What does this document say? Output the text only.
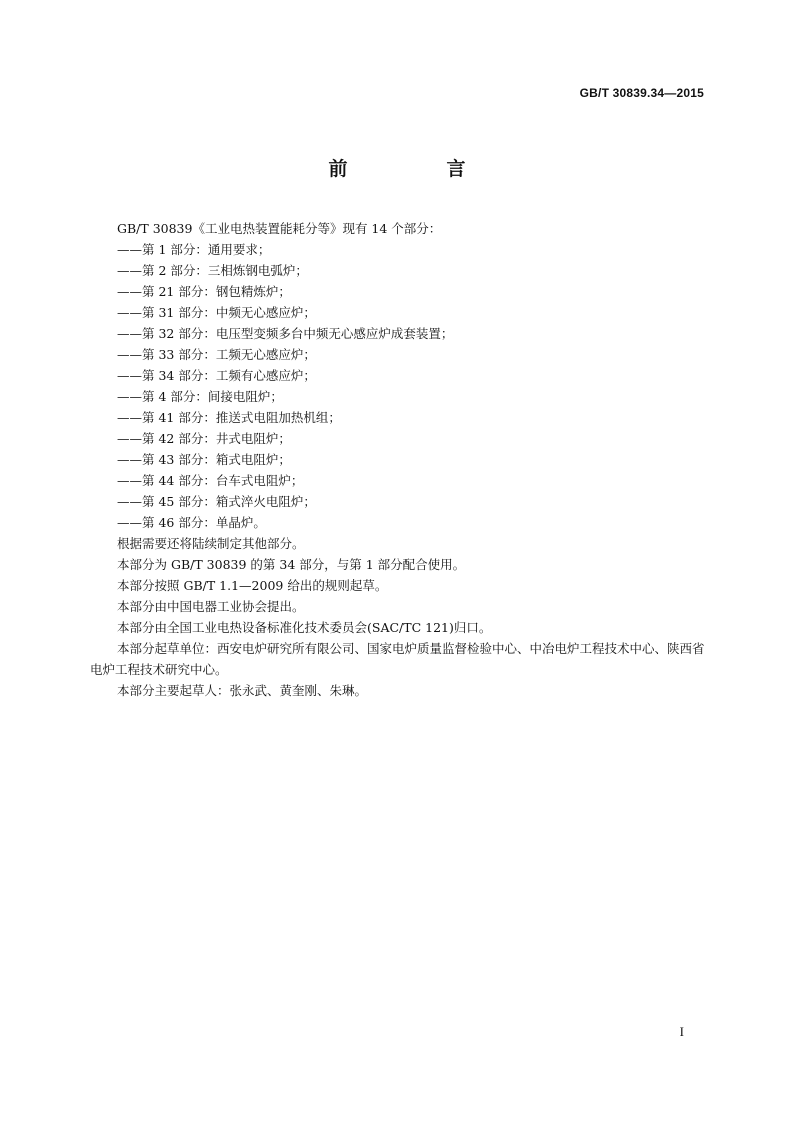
GB/T 30839.34—2015
前　言

GB/T 30839《工业电热装置能耗分等》现有 14 个部分：

——第 1 部分：通用要求；

——第 2 部分：三相炼钢电弧炉；

——第 21 部分：钢包精炼炉；

——第 31 部分：中频无心感应炉；

——第 32 部分：电压型变频多台中频无心感应炉成套装置；

——第 33 部分：工频无心感应炉；

——第 34 部分：工频有心感应炉；

——第 4 部分：间接电阻炉；

——第 41 部分：推送式电阻加热机组；

——第 42 部分：井式电阻炉；

——第 43 部分：箱式电阻炉；

——第 44 部分：台车式电阻炉；

——第 45 部分：箱式淬火电阻炉；

——第 46 部分：单晶炉。

根据需要还将陆续制定其他部分。

本部分为 GB/T 30839 的第 34 部分，与第 1 部分配合使用。

本部分按照 GB/T 1.1—2009 给出的规则起草。

本部分由中国电器工业协会提出。

本部分由全国工业电热设备标准化技术委员会(SAC/TC 121)归口。

本部分起草单位：西安电炉研究所有限公司、国家电炉质量监督检验中心、中冶电炉工程技术中心、陕西省电炉工程技术研究中心。

本部分主要起草人：张永武、黄奎刚、朱琳。

I
